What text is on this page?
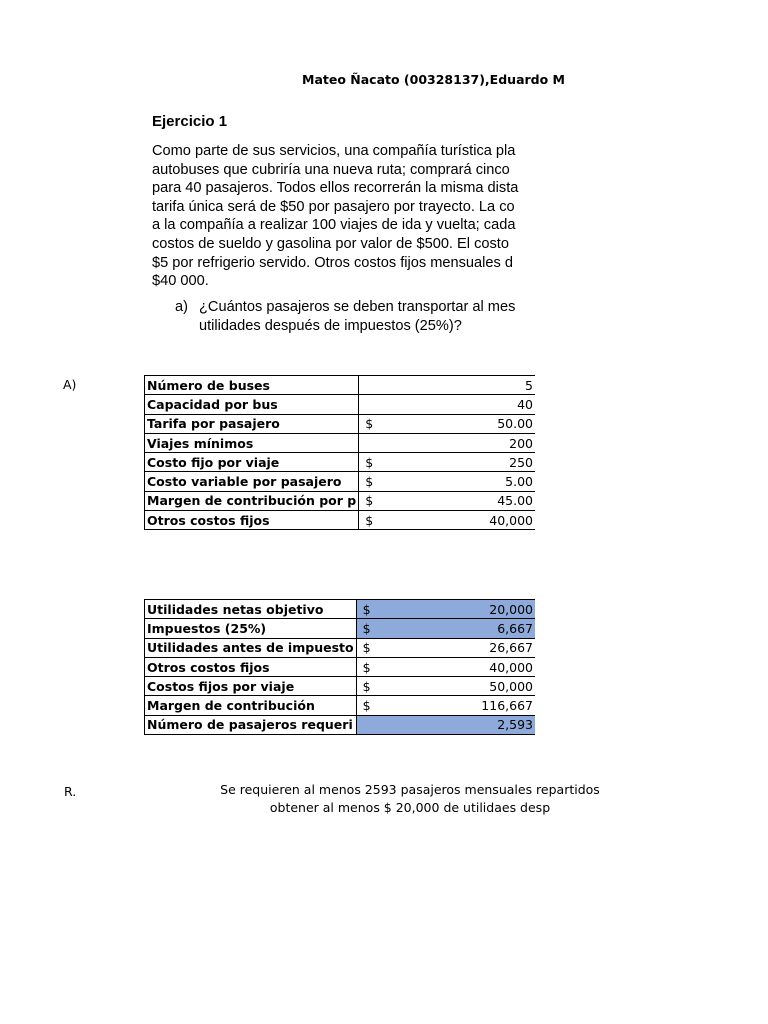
Mateo Ñacato (00328137),Eduardo M
Ejercicio 1
Como parte de sus servicios, una compañía turística pla
autobuses que cubriría una nueva ruta; comprará cinco
para 40 pasajeros. Todos ellos recorrerán la misma dista
tarifa única será de $50 por pasajero por trayecto. La co
a la compañía a realizar 100 viajes de ida y vuelta; cada
costos de sueldo y gasolina por valor de $500. El costo
$5 por refrigerio servido. Otros costos fijos mensuales d
$40 000.
a) ¿Cuántos pasajeros se deben transportar al mes
utilidades después de impuestos (25%)?
A)	Número de buses	5

Capacidad por bus	40

Tarifa por pasajero	$ 50.00

Viajes mínimos	200

Costo fijo por viaje	$ 250

Costo variable por pasajero	$ 5.00

Margen de contribución por p	$ 45.00

Otros costos fijos	$ 40,000
Utilidades netas objetivo	$ 20,000

Impuestos (25%)	$ 6,667

Utilidades antes de impuesto	$ 26,667

Otros costos fijos	$ 40,000

Costos fijos por viaje	$ 50,000

Margen de contribución	$ 116,667

Número de pasajeros requeri	2,593
R.	Se requieren al menos 2593 pasajeros mensuales repartidos
obtener al menos $ 20,000 de utilidaes desp
